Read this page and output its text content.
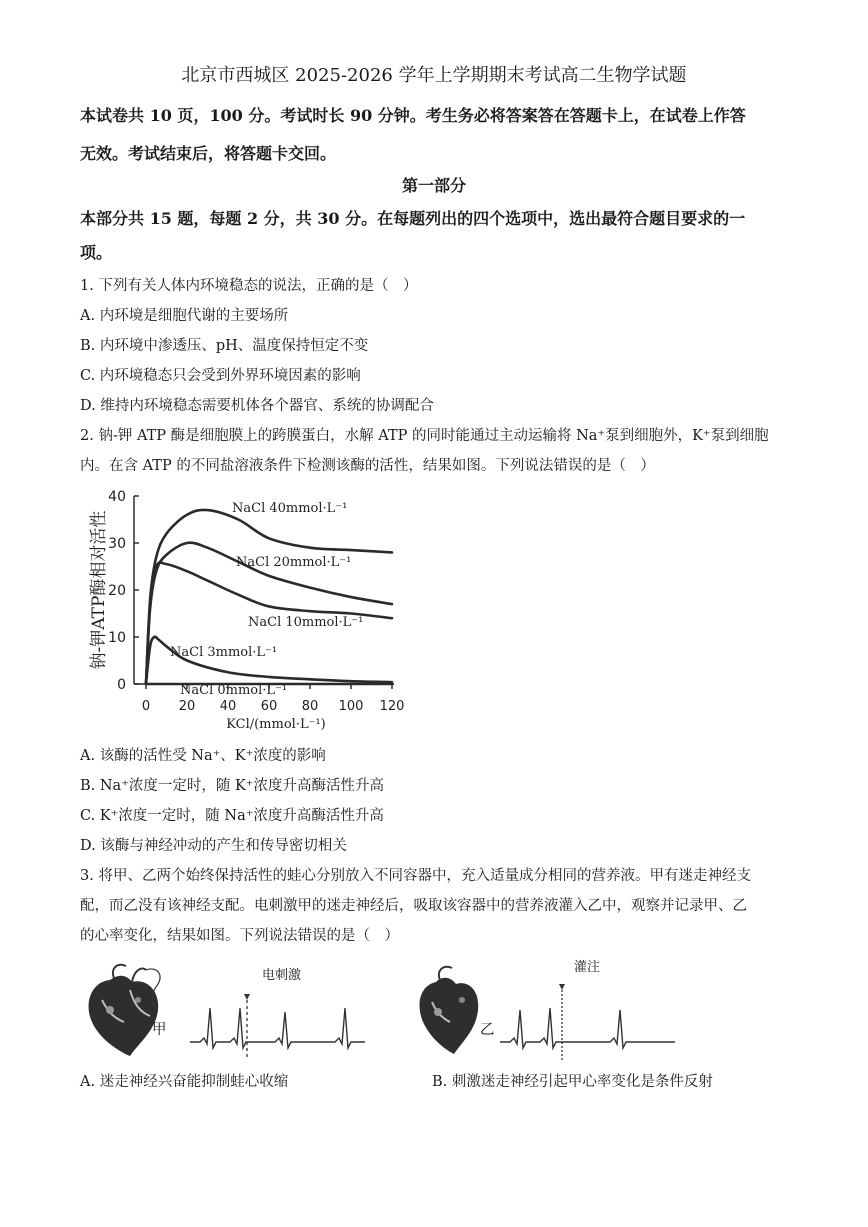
北京市西城区 2025-2026 学年上学期期末考试高二生物学试题
本试卷共 10 页，100 分。考试时长 90 分钟。考生务必将答案答在答题卡上，在试卷上作答
无效。考试结束后，将答题卡交回。
第一部分
本部分共 15 题，每题 2 分，共 30 分。在每题列出的四个选项中，选出最符合题目要求的一
项。
1. 下列有关人体内环境稳态的说法，正确的是（　）
A. 内环境是细胞代谢的主要场所
B. 内环境中渗透压、pH、温度保持恒定不变
C. 内环境稳态只会受到外界环境因素的影响
D. 维持内环境稳态需要机体各个器官、系统的协调配合
2. 钠-钾 ATP 酶是细胞膜上的跨膜蛋白，水解 ATP 的同时能通过主动运输将 Na⁺泵到细胞外，K⁺泵到细胞
内。在含 ATP 的不同盐溶液条件下检测该酶的活性，结果如图。下列说法错误的是（　）
0
10
20
30
40
0 20 40 60 80 100 120
KCl/(mmol·L⁻¹)
钠-钾ATP酶相对活性
NaCl 40mmol·L⁻¹
NaCl 20mmol·L⁻¹
NaCl 10mmol·L⁻¹
NaCl 3mmol·L⁻¹
NaCl 0mmol·L⁻¹
A. 该酶的活性受 Na⁺、K⁺浓度的影响
B. Na⁺浓度一定时，随 K⁺浓度升高酶活性升高
C. K⁺浓度一定时，随 Na⁺浓度升高酶活性升高
D. 该酶与神经冲动的产生和传导密切相关
3. 将甲、乙两个始终保持活性的蛙心分别放入不同容器中，充入适量成分相同的营养液。甲有迷走神经支
配，而乙没有该神经支配。电刺激甲的迷走神经后，吸取该容器中的营养液灌入乙中，观察并记录甲、乙
的心率变化，结果如图。下列说法错误的是（　）
甲
电刺激
乙
灌注
A. 迷走神经兴奋能抑制蛙心收缩	B. 刺激迷走神经引起甲心率变化是条件反射
